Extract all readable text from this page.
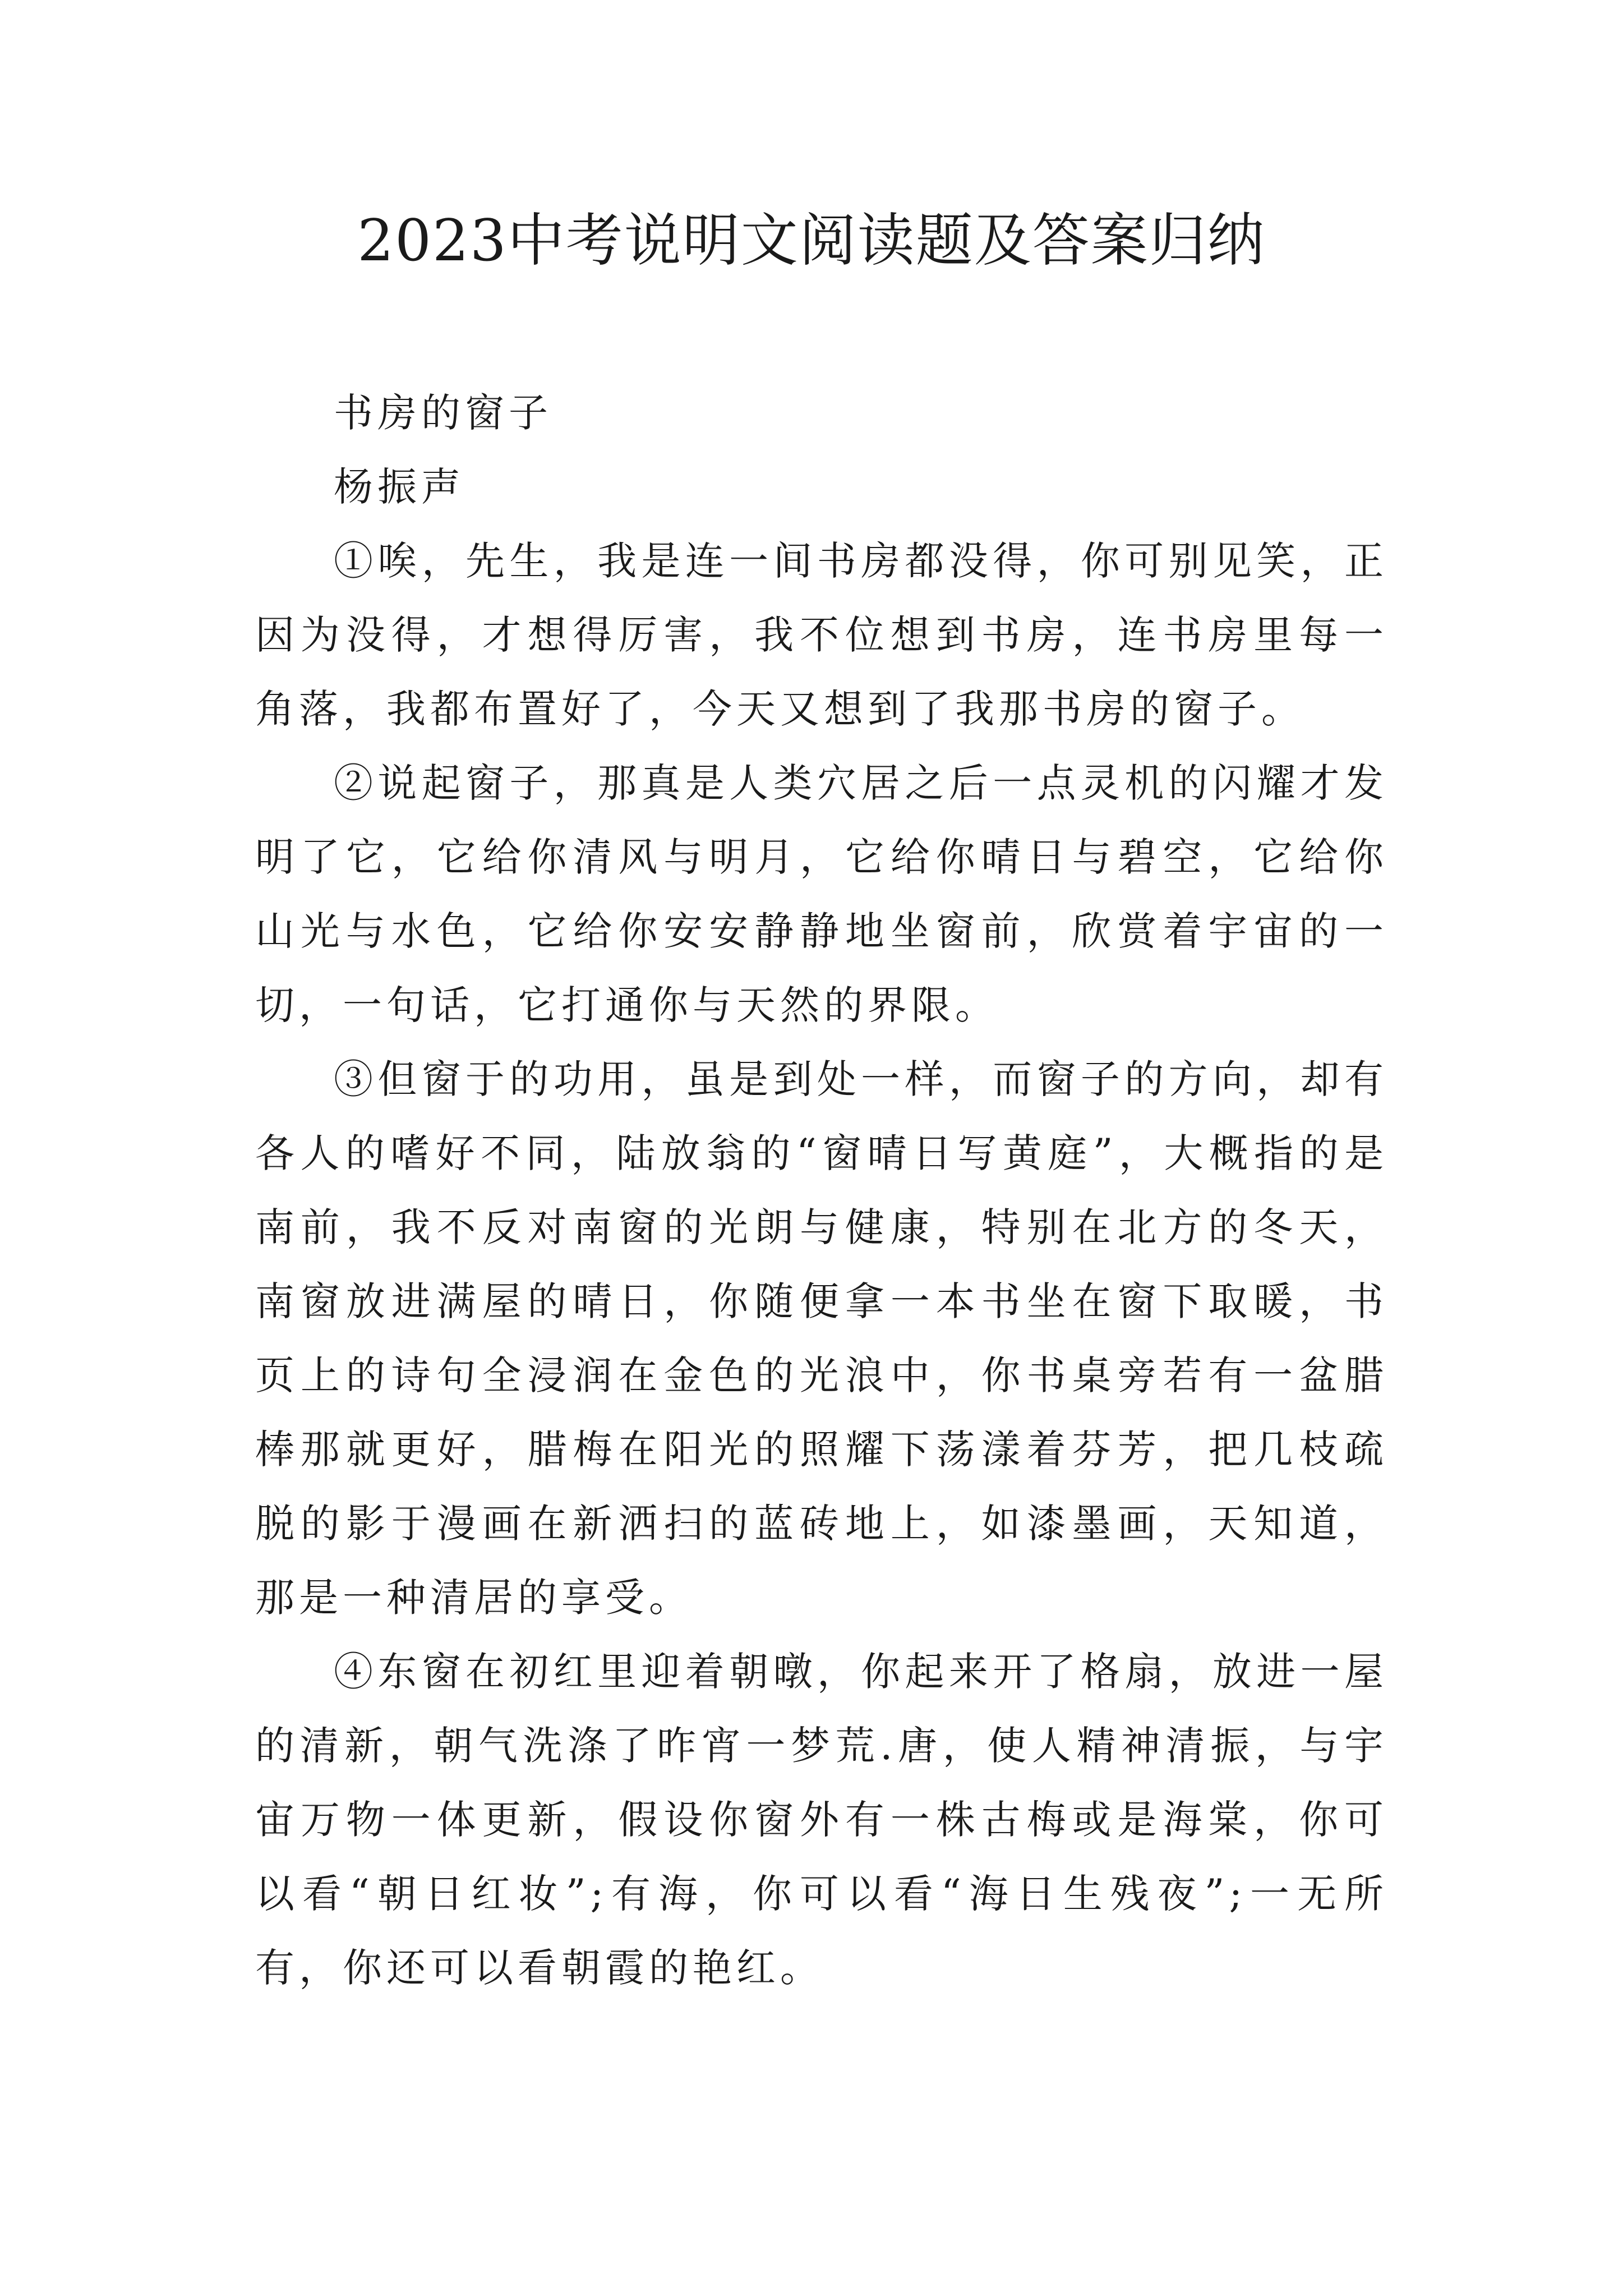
2023中考说明文阅读题及答案归纳

书房的窗子

杨振声

①唉，先生，我是连一间书房都没得，你可别见笑，正因为没得，才想得厉害，我不位想到书房，连书房里每一角落，我都布置好了，今天又想到了我那书房的窗子。

②说起窗子，那真是人类穴居之后一点灵机的闪耀才发明了它，它给你清风与明月，它给你晴日与碧空，它给你山光与水色，它给你安安静静地坐窗前，欣赏着宇宙的一切，一句话，它打通你与天然的界限。

③但窗于的功用，虽是到处一样，而窗子的方向，却有各人的嗜好不同，陆放翁的“窗晴日写黄庭”，大概指的是南前，我不反对南窗的光朗与健康，特别在北方的冬天，南窗放进满屋的晴日，你随便拿一本书坐在窗下取暖，书页上的诗句全浸润在金色的光浪中，你书桌旁若有一盆腊棒那就更好，腊梅在阳光的照耀下荡漾着芬芳，把几枝疏脱的影于漫画在新洒扫的蓝砖地上，如漆墨画，天知道，那是一种清居的享受。

④东窗在初红里迎着朝暾，你起来开了格扇，放进一屋的清新，朝气洗涤了昨宵一梦荒.唐，使人精神清振，与宇宙万物一体更新，假设你窗外有一株古梅或是海棠，你可以看“朝日红妆”;有海，你可以看“海日生残夜”;一无所有，你还可以看朝霞的艳红。
